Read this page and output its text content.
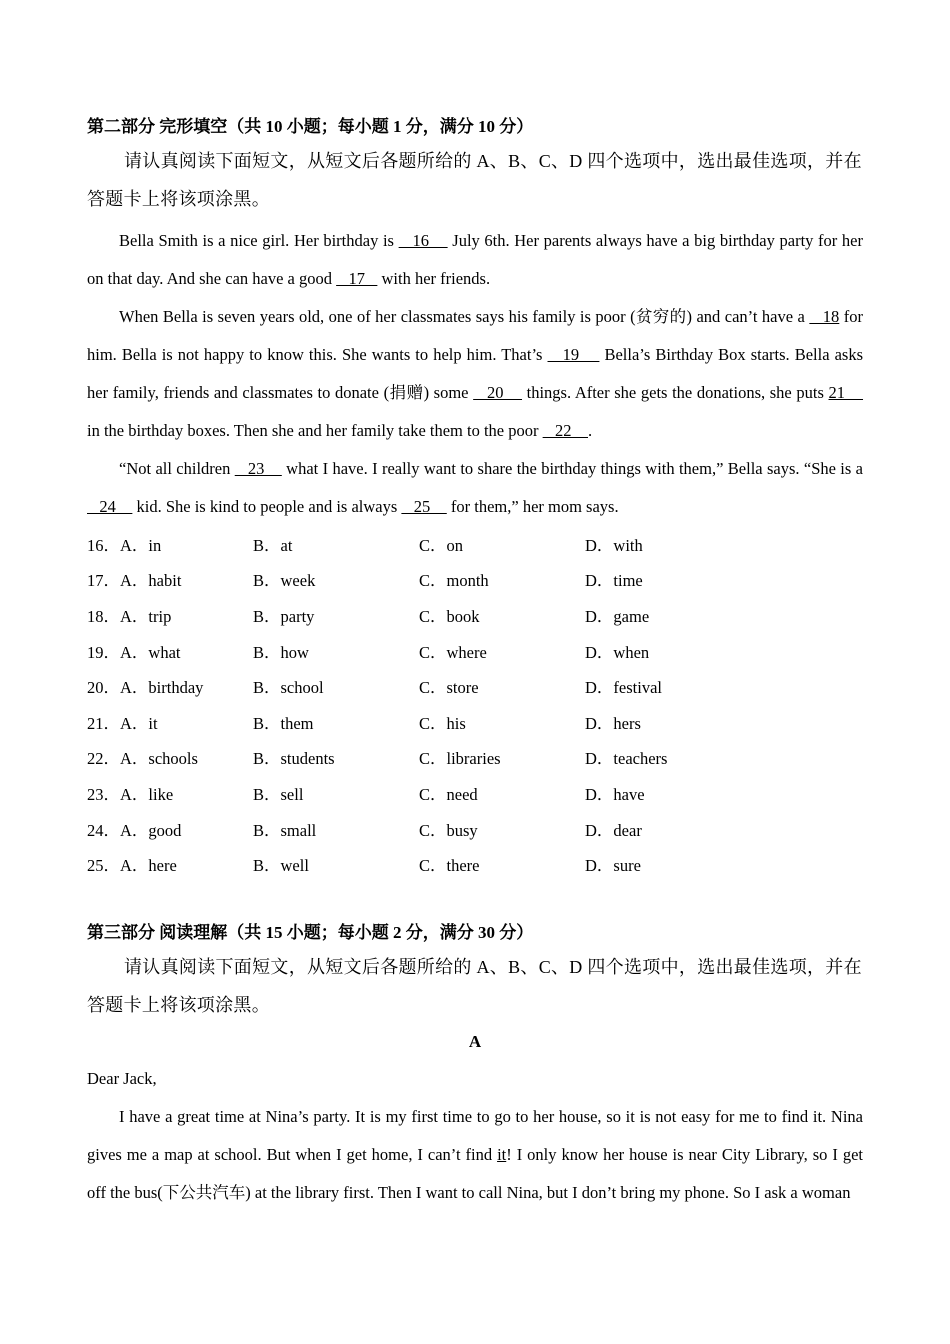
第二部分 完形填空（共 10 小题；每小题 1 分，满分 10 分）

请认真阅读下面短文，从短文后各题所给的 A、B、C、D 四个选项中，选出最佳选项，并在答题卡上将该项涂黑。

Bella Smith is a nice girl. Her birthday is    16     July 6th. Her parents always have a big birthday party for her on that day. And she can have a good    17    with her friends.

When Bella is seven years old, one of her classmates says his family is poor (贫穷的) and can’t have a    18 for him. Bella is not happy to know this. She wants to help him. That’s    19     Bella’s Birthday Box starts. Bella asks her family, friends and classmates to donate (捐赠) some    20     things. After she gets the donations, she puts 21     in the birthday boxes. Then she and her family take them to the poor    22    .

“Not all children    23     what I have. I really want to share the birthday things with them,” Bella says. “She is a    24     kid. She is kind to people and is always    25     for them,” her mom says.

16．A．in	B．at	C．on	D．with
17．A．habit	B．week	C．month	D．time
18．A．trip	B．party	C．book	D．game
19．A．what	B．how	C．where	D．when
20．A．birthday	B．school	C．store	D．festival
21．A．it	B．them	C．his	D．hers
22．A．schools	B．students	C．libraries	D．teachers
23．A．like	B．sell	C．need	D．have
24．A．good	B．small	C．busy	D．dear
25．A．here	B．well	C．there	D．sure

第三部分 阅读理解（共 15 小题；每小题 2 分，满分 30 分）

请认真阅读下面短文，从短文后各题所给的 A、B、C、D 四个选项中，选出最佳选项，并在答题卡上将该项涂黑。

A

Dear Jack,

I have a great time at Nina’s party. It is my first time to go to her house, so it is not easy for me to find it. Nina gives me a map at school. But when I get home, I can’t find it! I only know her house is near City Library, so I get off the bus(下公共汽车) at the library first. Then I want to call Nina, but I don’t bring my phone. So I ask a woman
